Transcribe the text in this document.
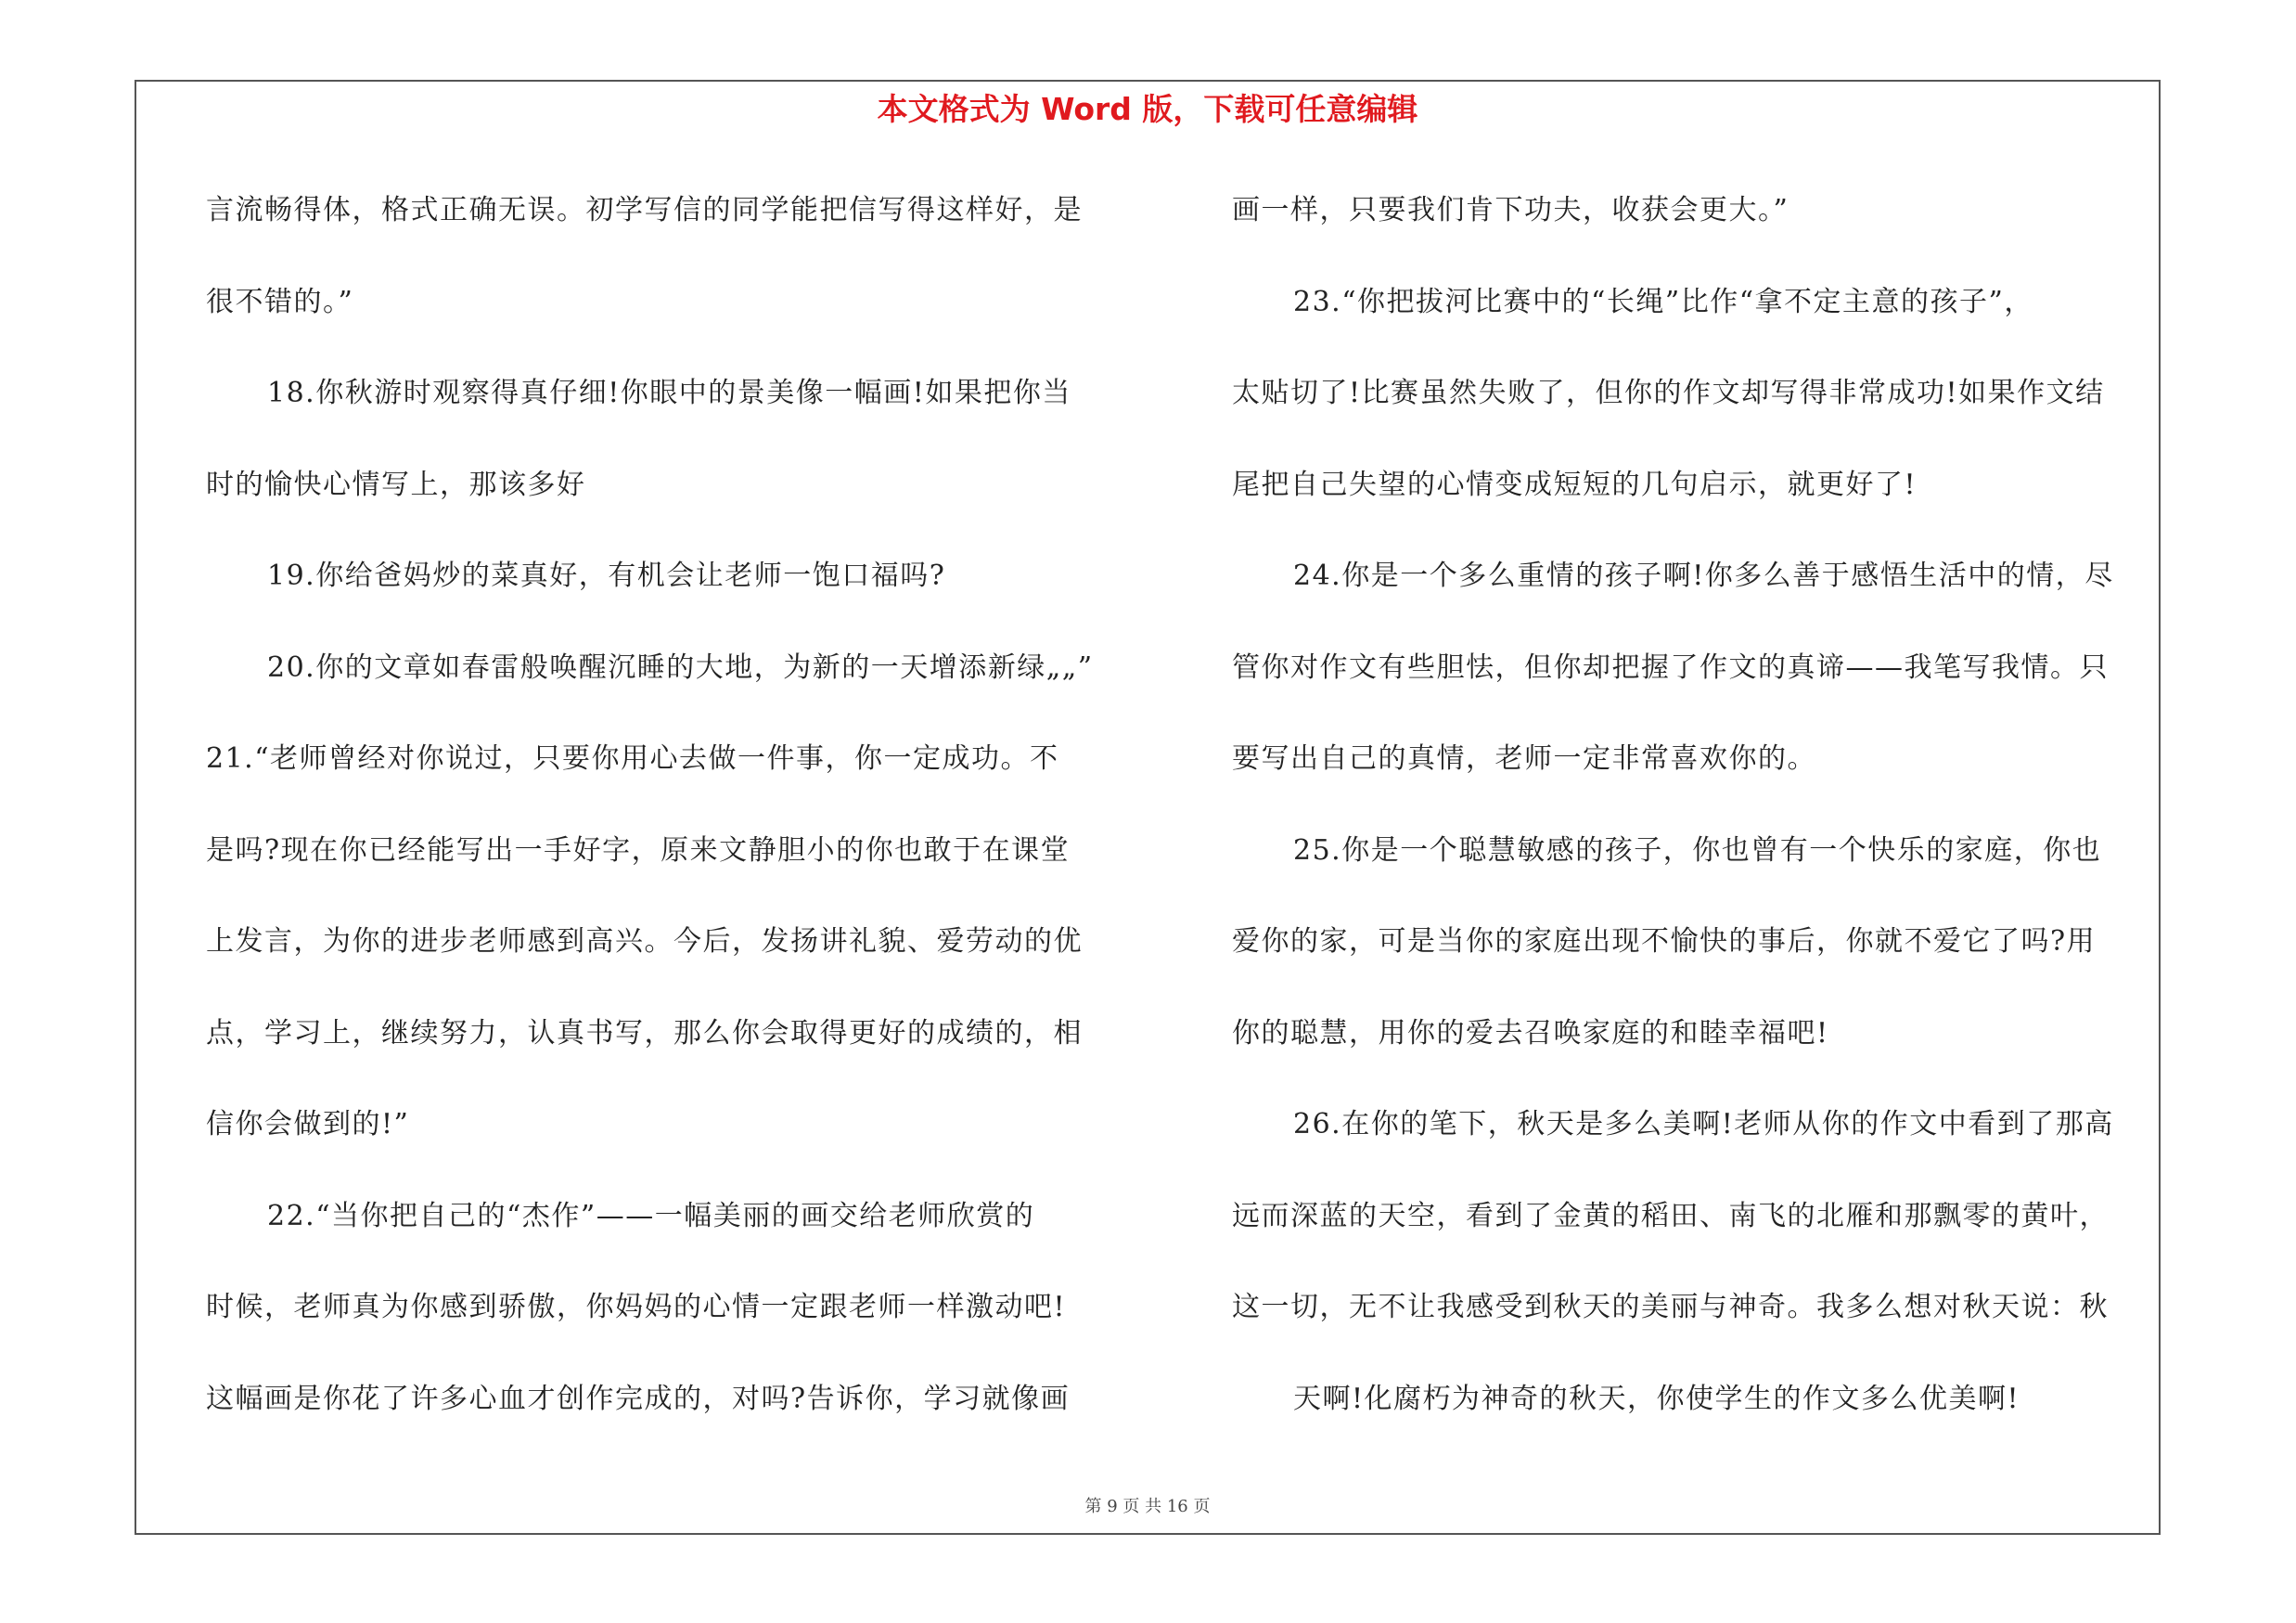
本文格式为 Word 版，下载可任意编辑
言流畅得体，格式正确无误。初学写信的同学能把信写得这样好，是
很不错的。”
18.你秋游时观察得真仔细!你眼中的景美像一幅画!如果把你当
时的愉快心情写上，那该多好
19.你给爸妈炒的菜真好，有机会让老师一饱口福吗?
20.你的文章如春雷般唤醒沉睡的大地，为新的一天增添新绿„„”
21.“老师曾经对你说过，只要你用心去做一件事，你一定成功。不
是吗?现在你已经能写出一手好字，原来文静胆小的你也敢于在课堂
上发言，为你的进步老师感到高兴。今后，发扬讲礼貌、爱劳动的优
点，学习上，继续努力，认真书写，那么你会取得更好的成绩的，相
信你会做到的!”
22.“当你把自己的“杰作”——一幅美丽的画交给老师欣赏的
时候，老师真为你感到骄傲，你妈妈的心情一定跟老师一样激动吧!
这幅画是你花了许多心血才创作完成的，对吗?告诉你，学习就像画
画一样，只要我们肯下功夫，收获会更大。”
23.“你把拔河比赛中的“长绳”比作“拿不定主意的孩子”，
太贴切了!比赛虽然失败了，但你的作文却写得非常成功!如果作文结
尾把自己失望的心情变成短短的几句启示，就更好了!
24.你是一个多么重情的孩子啊!你多么善于感悟生活中的情，尽
管你对作文有些胆怯，但你却把握了作文的真谛——我笔写我情。只
要写出自己的真情，老师一定非常喜欢你的。
25.你是一个聪慧敏感的孩子，你也曾有一个快乐的家庭，你也
爱你的家，可是当你的家庭出现不愉快的事后，你就不爱它了吗?用
你的聪慧，用你的爱去召唤家庭的和睦幸福吧!
26.在你的笔下，秋天是多么美啊!老师从你的作文中看到了那高
远而深蓝的天空，看到了金黄的稻田、南飞的北雁和那飘零的黄叶，
这一切，无不让我感受到秋天的美丽与神奇。我多么想对秋天说：秋
天啊!化腐朽为神奇的秋天，你使学生的作文多么优美啊!
第 9 页 共 16 页
